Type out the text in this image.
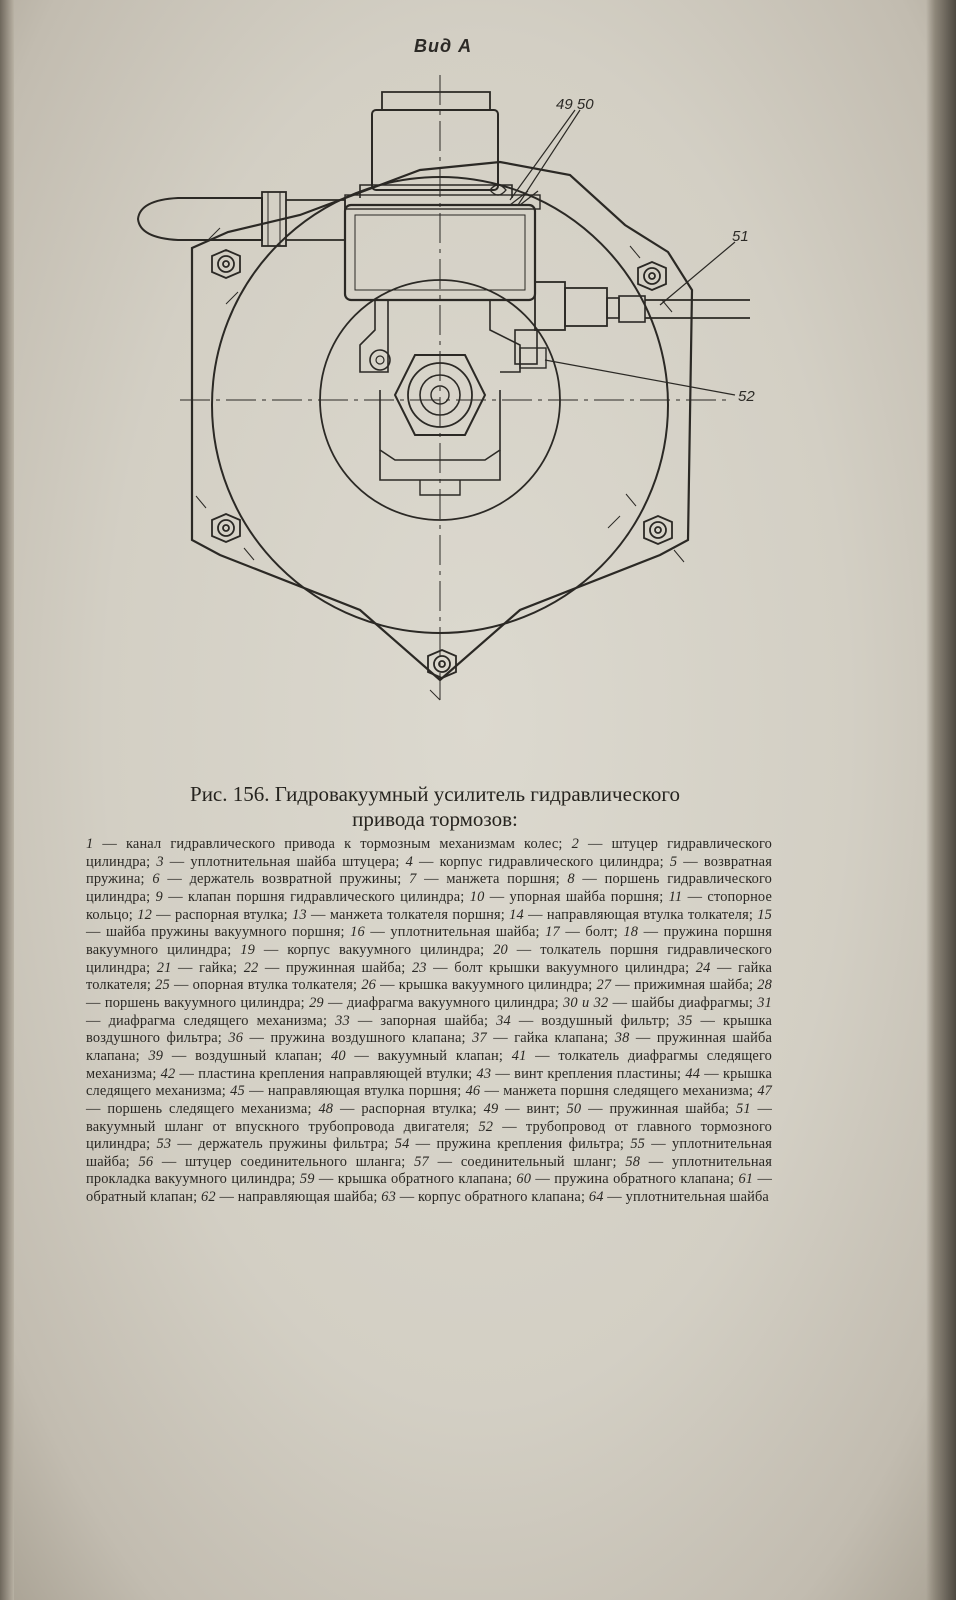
Вид А
49 50
51
52
Рис. 156. Гидровакуумный усилитель гидравлического
привода тормозов:
1 — канал гидравлического привода к тормозным механизмам колес; 2 — штуцер гидравлического цилиндра; 3 — уплотнительная шайба штуцера; 4 — корпус гидравлического цилиндра; 5 — возвратная пружина; 6 — держатель возвратной пружины; 7 — манжета поршня; 8 — поршень гидравлического цилиндра; 9 — клапан поршня гидравлического цилиндра; 10 — упорная шайба поршня; 11 — стопорное кольцо; 12 — распорная втулка; 13 — манжета толкателя поршня; 14 — направляющая втулка толкателя; 15 — шайба пружины вакуумного поршня; 16 — уплотнительная шайба; 17 — болт; 18 — пружина поршня вакуумного цилиндра; 19 — корпус вакуумного цилиндра; 20 — толкатель поршня гидравлического цилиндра; 21 — гайка; 22 — пружинная шайба; 23 — болт крышки вакуумного цилиндра; 24 — гайка толкателя; 25 — опорная втулка толкателя; 26 — крышка вакуумного цилиндра; 27 — прижимная шайба; 28 — поршень вакуумного цилиндра; 29 — диафрагма вакуумного цилиндра; 30 и 32 — шайбы диафрагмы; 31 — диафрагма следящего механизма; 33 — запорная шайба; 34 — воздушный фильтр; 35 — крышка воздушного фильтра; 36 — пружина воздушного клапана; 37 — гайка клапана; 38 — пружинная шайба клапана; 39 — воздушный клапан; 40 — вакуумный клапан; 41 — толкатель диафрагмы следящего механизма; 42 — пластина крепления направляющей втулки; 43 — винт крепления пластины; 44 — крышка следящего механизма; 45 — направляющая втулка поршня; 46 — манжета поршня следящего механизма; 47 — поршень следящего механизма; 48 — распорная втулка; 49 — винт; 50 — пружинная шайба; 51 — вакуумный шланг от впускного трубопровода двигателя; 52 — трубопровод от главного тормозного цилиндра; 53 — держатель пружины фильтра; 54 — пружина крепления фильтра; 55 — уплотнительная шайба; 56 — штуцер соединительного шланга; 57 — соединительный шланг; 58 — уплотнительная прокладка вакуумного цилиндра; 59 — крышка обратного клапана; 60 — пружина обратного клапана; 61 — обратный клапан; 62 — направляющая шайба; 63 — корпус обратного клапана; 64 — уплотнительная шайба
